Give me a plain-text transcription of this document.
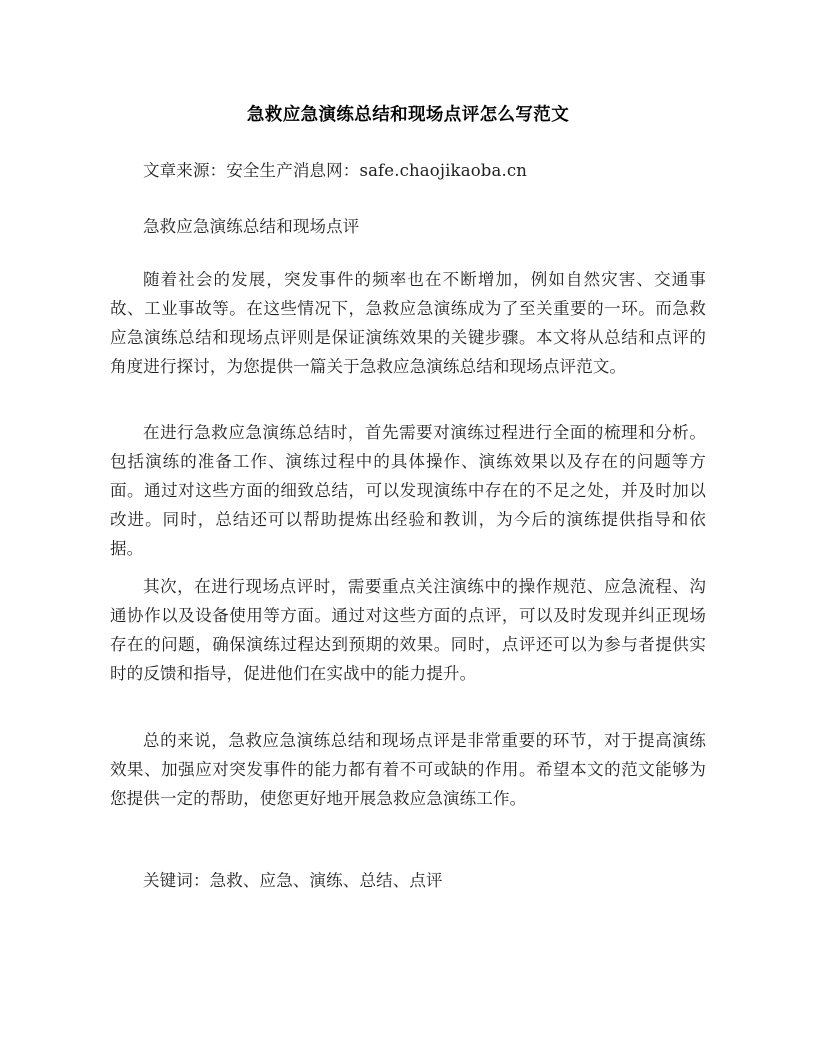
急救应急演练总结和现场点评怎么写范文

文章来源：安全生产消息网：safe.chaojikaoba.cn

急救应急演练总结和现场点评

随着社会的发展，突发事件的频率也在不断增加，例如自然灾害、交通事故、工业事故等。在这些情况下，急救应急演练成为了至关重要的一环。而急救应急演练总结和现场点评则是保证演练效果的关键步骤。本文将从总结和点评的角度进行探讨，为您提供一篇关于急救应急演练总结和现场点评范文。

在进行急救应急演练总结时，首先需要对演练过程进行全面的梳理和分析。包括演练的准备工作、演练过程中的具体操作、演练效果以及存在的问题等方面。通过对这些方面的细致总结，可以发现演练中存在的不足之处，并及时加以改进。同时，总结还可以帮助提炼出经验和教训，为今后的演练提供指导和依据。

其次，在进行现场点评时，需要重点关注演练中的操作规范、应急流程、沟通协作以及设备使用等方面。通过对这些方面的点评，可以及时发现并纠正现场存在的问题，确保演练过程达到预期的效果。同时，点评还可以为参与者提供实时的反馈和指导，促进他们在实战中的能力提升。

总的来说，急救应急演练总结和现场点评是非常重要的环节，对于提高演练效果、加强应对突发事件的能力都有着不可或缺的作用。希望本文的范文能够为您提供一定的帮助，使您更好地开展急救应急演练工作。

关键词：急救、应急、演练、总结、点评
